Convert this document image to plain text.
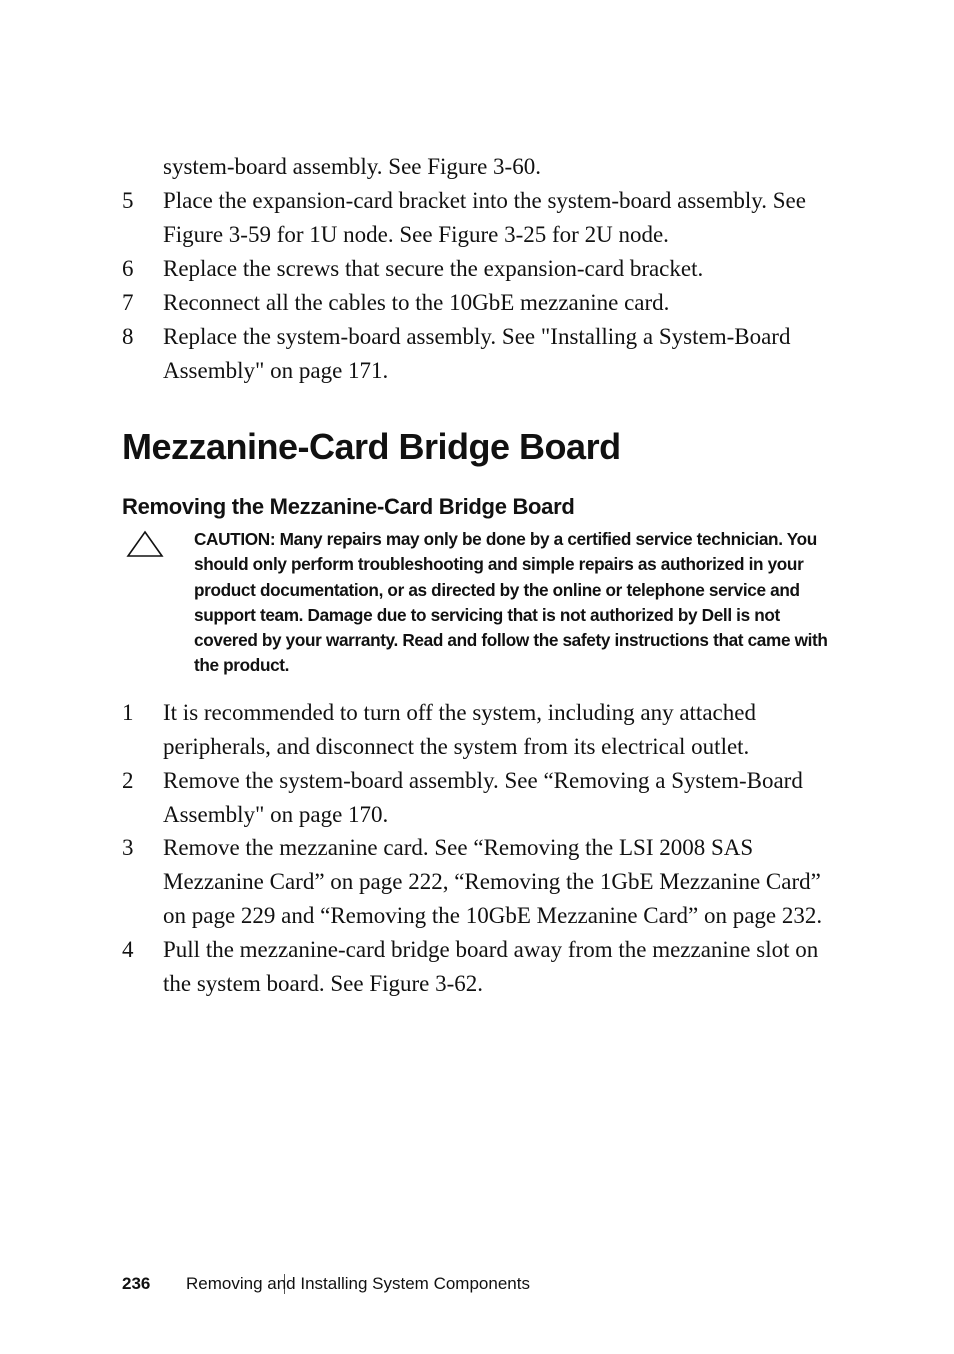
system-board assembly. See Figure 3-60.
5	Place the expansion-card bracket into the system-board assembly. See
Figure 3-59 for 1U node. See Figure 3-25 for 2U node.
6	Replace the screws that secure the expansion-card bracket.
7	Reconnect all the cables to the 10GbE mezzanine card.
8	Replace the system-board assembly. See "Installing a System-Board
Assembly" on page 171.
Mezzanine-Card Bridge Board
Removing the Mezzanine-Card Bridge Board
CAUTION: Many repairs may only be done by a certified service technician. You
should only perform troubleshooting and simple repairs as authorized in your
product documentation, or as directed by the online or telephone service and
support team. Damage due to servicing that is not authorized by Dell is not
covered by your warranty. Read and follow the safety instructions that came with
the product.
1	It is recommended to turn off the system, including any attached
peripherals, and disconnect the system from its electrical outlet.
2	Remove the system-board assembly. See “Removing a System-Board
Assembly" on page 170.
3	Remove the mezzanine card. See “Removing the LSI 2008 SAS
Mezzanine Card” on page 222, “Removing the 1GbE Mezzanine Card”
on page 229 and “Removing the 10GbE Mezzanine Card” on page 232.
4	Pull the mezzanine-card bridge board away from the mezzanine slot on
the system board. See Figure 3-62.
236 Removing and Installing System Components
